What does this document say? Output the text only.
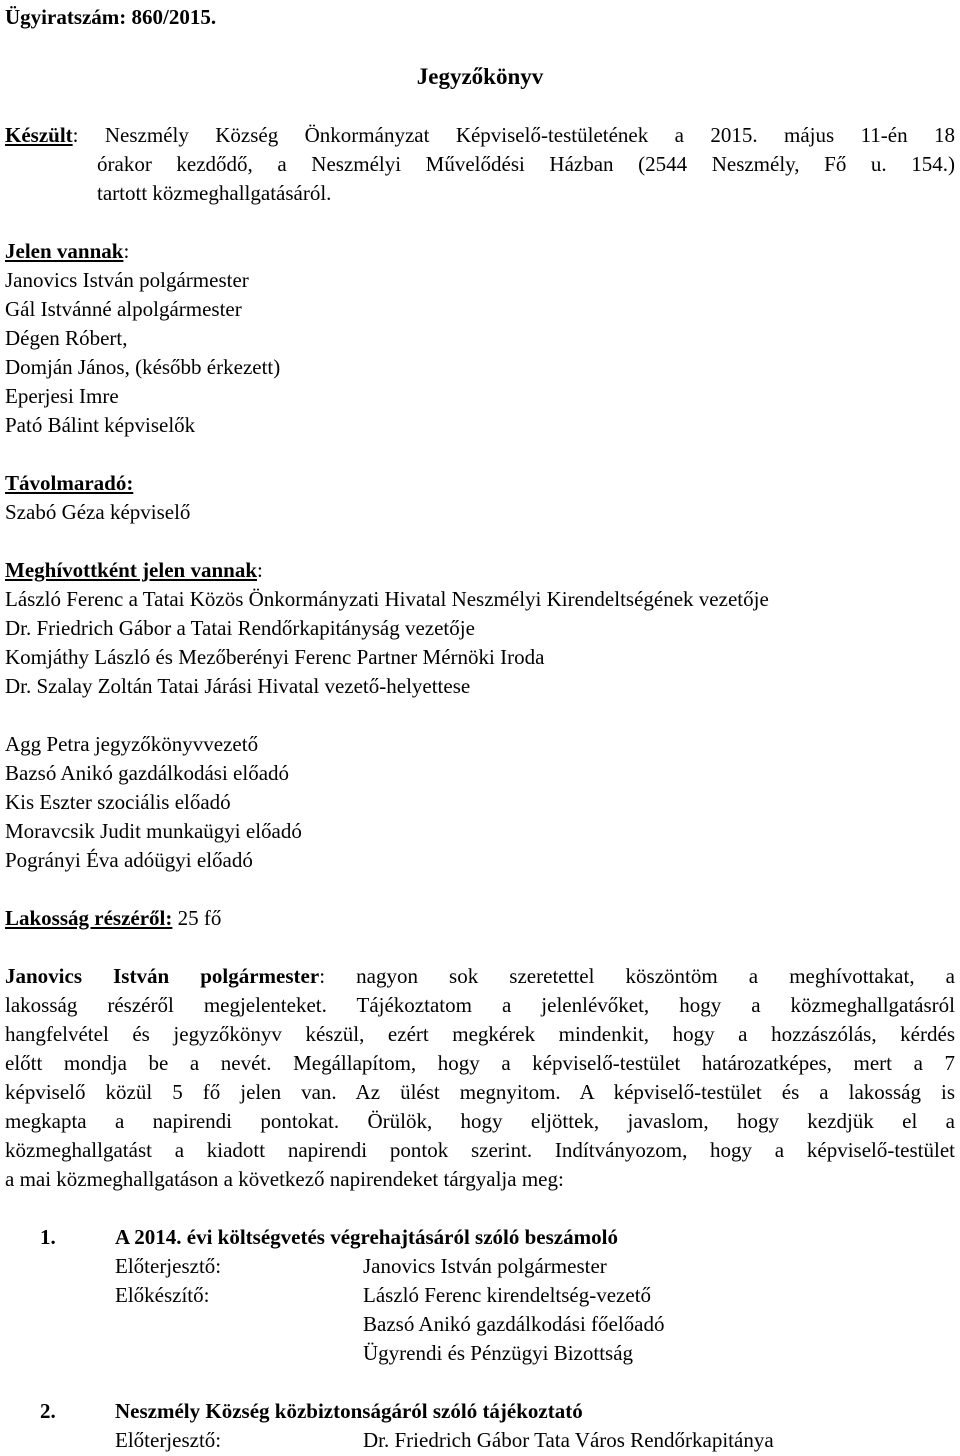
Ügyiratszám: 860/2015.
Jegyzőkönyv
Készült: Neszmély Község Önkormányzat Képviselő-testületének a 2015. május 11-én 18
órakor kezdődő, a Neszmélyi Művelődési Házban (2544 Neszmély, Fő u. 154.)
tartott közmeghallgatásáról.
Jelen vannak:
Janovics István polgármester
Gál Istvánné alpolgármester
Dégen Róbert,
Domján János, (később érkezett)
Eperjesi Imre
Pató Bálint képviselők
Távolmaradó:
Szabó Géza képviselő
Meghívottként jelen vannak:
László Ferenc a Tatai Közös Önkormányzati Hivatal Neszmélyi Kirendeltségének vezetője
Dr. Friedrich Gábor a Tatai Rendőrkapitányság vezetője
Komjáthy László és Mezőberényi Ferenc Partner Mérnöki Iroda
Dr. Szalay Zoltán Tatai Járási Hivatal vezető-helyettese
Agg Petra jegyzőkönyvvezető
Bazsó Anikó gazdálkodási előadó
Kis Eszter szociális előadó
Moravcsik Judit munkaügyi előadó
Pogrányi Éva adóügyi előadó
Lakosság részéről: 25 fő
Janovics István polgármester: nagyon sok szeretettel köszöntöm a meghívottakat, a
lakosság részéről megjelenteket. Tájékoztatom a jelenlévőket, hogy a közmeghallgatásról
hangfelvétel és jegyzőkönyv készül, ezért megkérek mindenkit, hogy a hozzászólás, kérdés
előtt mondja be a nevét. Megállapítom, hogy a képviselő-testület határozatképes, mert a 7
képviselő közül 5 fő jelen van. Az ülést megnyitom. A képviselő-testület és a lakosság is
megkapta a napirendi pontokat. Örülök, hogy eljöttek, javaslom, hogy kezdjük el a
közmeghallgatást a kiadott napirendi pontok szerint. Indítványozom, hogy a képviselő-testület
a mai közmeghallgatáson a következő napirendeket tárgyalja meg:
1.	A 2014. évi költségvetés végrehajtásáról szóló beszámoló
Előterjesztő:	Janovics István polgármester
Előkészítő:	László Ferenc kirendeltség-vezető
Bazsó Anikó gazdálkodási főelőadó
Ügyrendi és Pénzügyi Bizottság
2.	Neszmély Község közbiztonságáról szóló tájékoztató
Előterjesztő:	Dr. Friedrich Gábor Tata Város Rendőrkapitánya
